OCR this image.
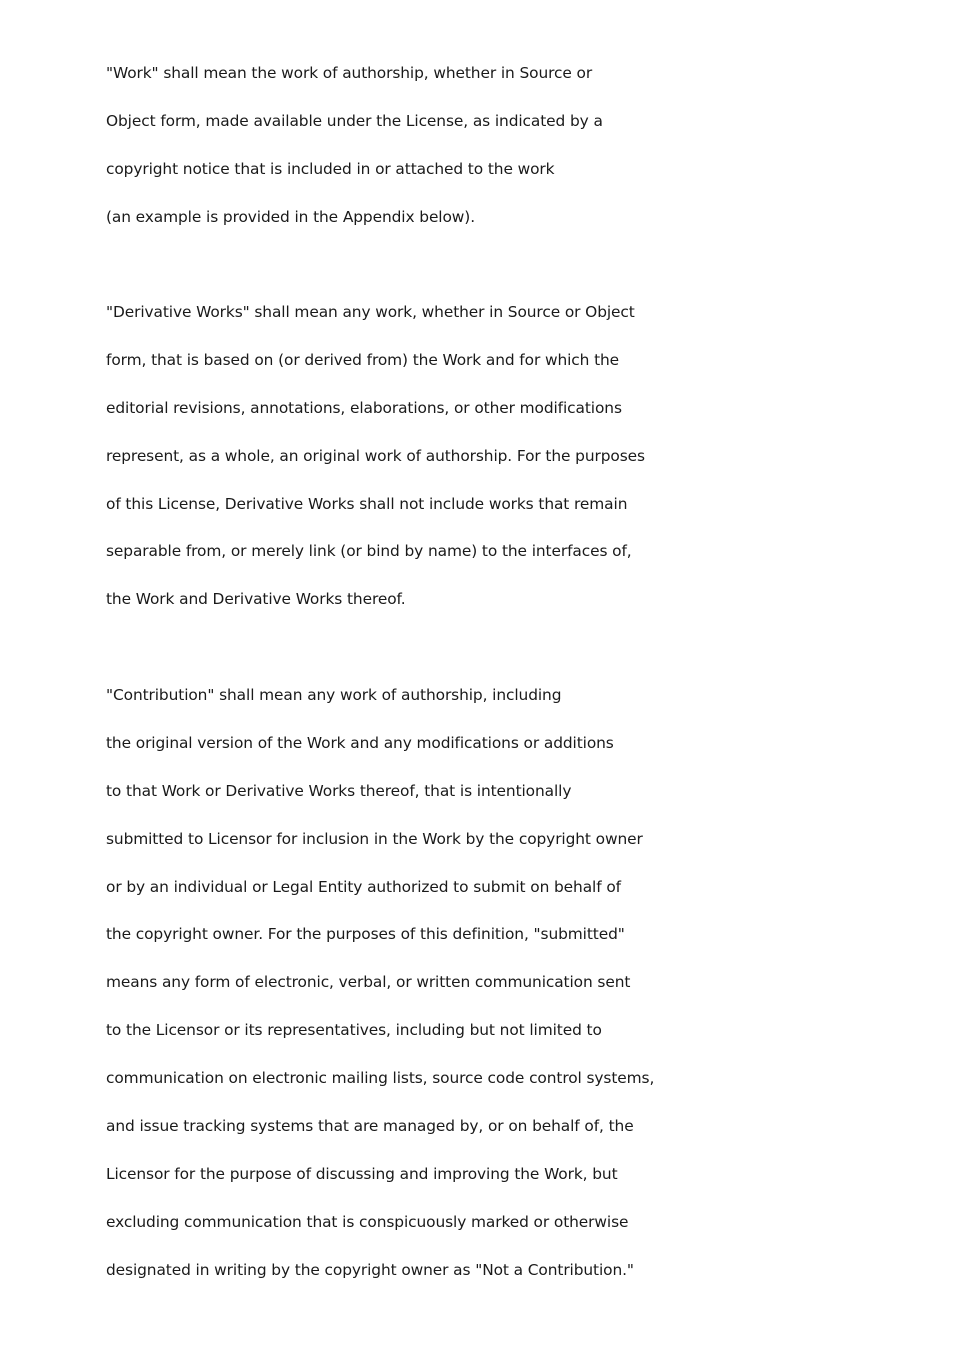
"Work" shall mean the work of authorship, whether in Source or
Object form, made available under the License, as indicated by a
copyright notice that is included in or attached to the work
(an example is provided in the Appendix below).
"Derivative Works" shall mean any work, whether in Source or Object
form, that is based on (or derived from) the Work and for which the
editorial revisions, annotations, elaborations, or other modifications
represent, as a whole, an original work of authorship. For the purposes
of this License, Derivative Works shall not include works that remain
separable from, or merely link (or bind by name) to the interfaces of,
the Work and Derivative Works thereof.
"Contribution" shall mean any work of authorship, including
the original version of the Work and any modifications or additions
to that Work or Derivative Works thereof, that is intentionally
submitted to Licensor for inclusion in the Work by the copyright owner
or by an individual or Legal Entity authorized to submit on behalf of
the copyright owner. For the purposes of this definition, "submitted"
means any form of electronic, verbal, or written communication sent
to the Licensor or its representatives, including but not limited to
communication on electronic mailing lists, source code control systems,
and issue tracking systems that are managed by, or on behalf of, the
Licensor for the purpose of discussing and improving the Work, but
excluding communication that is conspicuously marked or otherwise
designated in writing by the copyright owner as "Not a Contribution."
